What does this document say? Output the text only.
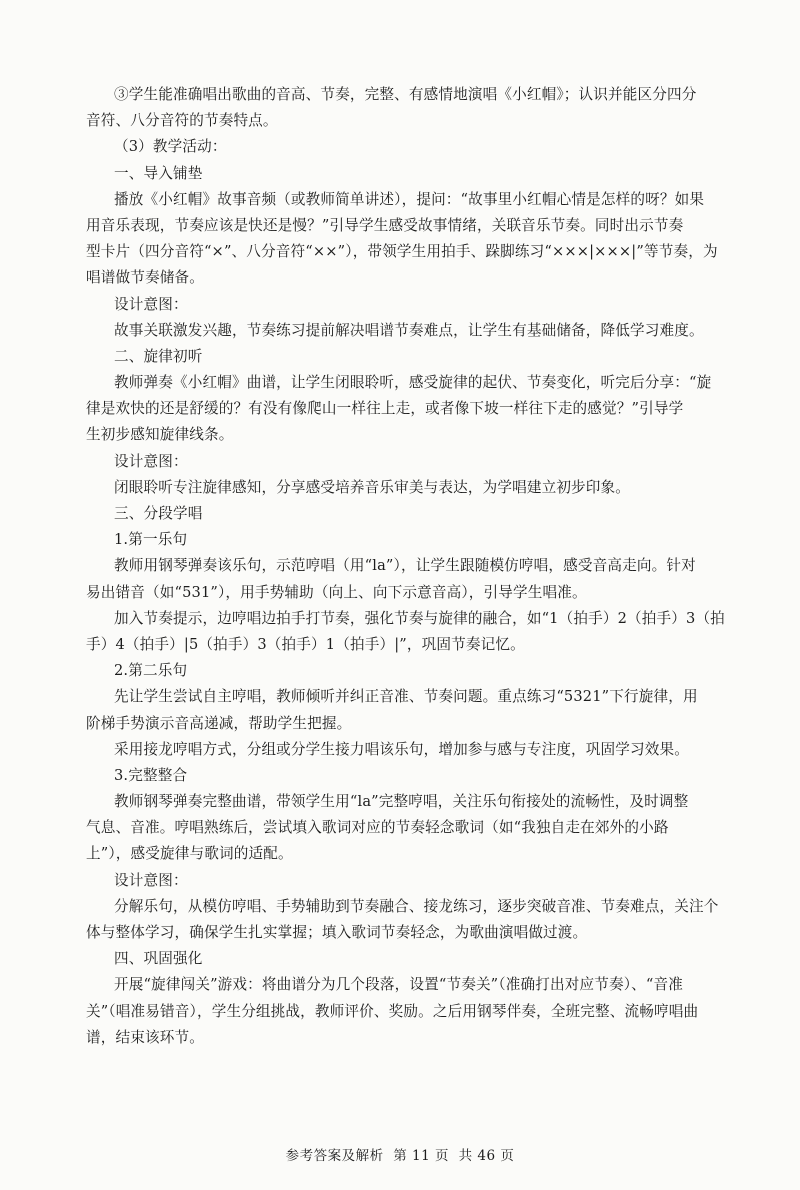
③学生能准确唱出歌曲的音高、节奏，完整、有感情地演唱《小红帽》；认识并能区分四分
音符、八分音符的节奏特点。
（3）教学活动：
一、导入铺垫
播放《小红帽》故事音频（或教师简单讲述），提问：“故事里小红帽心情是怎样的呀？如果
用音乐表现，节奏应该是快还是慢？”引导学生感受故事情绪，关联音乐节奏。同时出示节奏
型卡片（四分音符“×”、八分音符“××”），带领学生用拍手、跺脚练习“×××|×××|”等节奏，为
唱谱做节奏储备。
设计意图：
故事关联激发兴趣，节奏练习提前解决唱谱节奏难点，让学生有基础储备，降低学习难度。
二、旋律初听
教师弹奏《小红帽》曲谱，让学生闭眼聆听，感受旋律的起伏、节奏变化，听完后分享：“旋
律是欢快的还是舒缓的？有没有像爬山一样往上走，或者像下坡一样往下走的感觉？”引导学
生初步感知旋律线条。
设计意图：
闭眼聆听专注旋律感知，分享感受培养音乐审美与表达，为学唱建立初步印象。
三、分段学唱
1.第一乐句
教师用钢琴弹奏该乐句，示范哼唱（用“la”），让学生跟随模仿哼唱，感受音高走向。针对
易出错音（如“531”），用手势辅助（向上、向下示意音高），引导学生唱准。
加入节奏提示，边哼唱边拍手打节奏，强化节奏与旋律的融合，如“1（拍手）2（拍手）3（拍
手）4（拍手）|5（拍手）3（拍手）1（拍手）|”，巩固节奏记忆。
2.第二乐句
先让学生尝试自主哼唱，教师倾听并纠正音准、节奏问题。重点练习“5321”下行旋律，用
阶梯手势演示音高递减，帮助学生把握。
采用接龙哼唱方式，分组或分学生接力唱该乐句，增加参与感与专注度，巩固学习效果。
3.完整整合
教师钢琴弹奏完整曲谱，带领学生用“la”完整哼唱，关注乐句衔接处的流畅性，及时调整
气息、音准。哼唱熟练后，尝试填入歌词对应的节奏轻念歌词（如“我独自走在郊外的小路
上”），感受旋律与歌词的适配。
设计意图：
分解乐句，从模仿哼唱、手势辅助到节奏融合、接龙练习，逐步突破音准、节奏难点，关注个
体与整体学习，确保学生扎实掌握；填入歌词节奏轻念，为歌曲演唱做过渡。
四、巩固强化
开展“旋律闯关”游戏：将曲谱分为几个段落，设置“节奏关”（准确打出对应节奏）、“音准
关”（唱准易错音），学生分组挑战，教师评价、奖励。之后用钢琴伴奏，全班完整、流畅哼唱曲
谱，结束该环节。
参考答案及解析  第 11 页  共 46 页
